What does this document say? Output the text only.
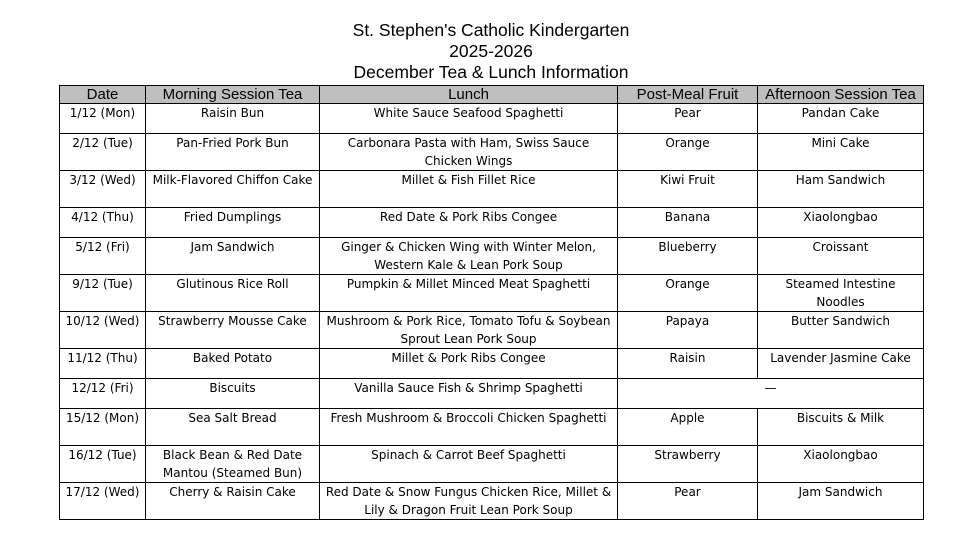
St. Stephen's Catholic Kindergarten
2025-2026
December Tea & Lunch Information
Date	Morning Session Tea	Lunch	Post-Meal Fruit	Afternoon Session Tea
1/12 (Mon)	Raisin Bun	White Sauce Seafood Spaghetti	Pear	Pandan Cake
2/12 (Tue)	Pan-Fried Pork Bun	Carbonara Pasta with Ham, Swiss Sauce Chicken Wings	Orange	Mini Cake
3/12 (Wed)	Milk-Flavored Chiffon Cake	Millet & Fish Fillet Rice	Kiwi Fruit	Ham Sandwich
4/12 (Thu)	Fried Dumplings	Red Date & Pork Ribs Congee	Banana	Xiaolongbao
5/12 (Fri)	Jam Sandwich	Ginger & Chicken Wing with Winter Melon, Western Kale & Lean Pork Soup	Blueberry	Croissant
9/12 (Tue)	Glutinous Rice Roll	Pumpkin & Millet Minced Meat Spaghetti	Orange	Steamed Intestine Noodles
10/12 (Wed)	Strawberry Mousse Cake	Mushroom & Pork Rice, Tomato Tofu & Soybean Sprout Lean Pork Soup	Papaya	Butter Sandwich
11/12 (Thu)	Baked Potato	Millet & Pork Ribs Congee	Raisin	Lavender Jasmine Cake
12/12 (Fri)	Biscuits	Vanilla Sauce Fish & Shrimp Spaghetti	—	
15/12 (Mon)	Sea Salt Bread	Fresh Mushroom & Broccoli Chicken Spaghetti	Apple	Biscuits & Milk
16/12 (Tue)	Black Bean & Red Date Mantou (Steamed Bun)	Spinach & Carrot Beef Spaghetti	Strawberry	Xiaolongbao
17/12 (Wed)	Cherry & Raisin Cake	Red Date & Snow Fungus Chicken Rice, Millet & Lily & Dragon Fruit Lean Pork Soup	Pear	Jam Sandwich
